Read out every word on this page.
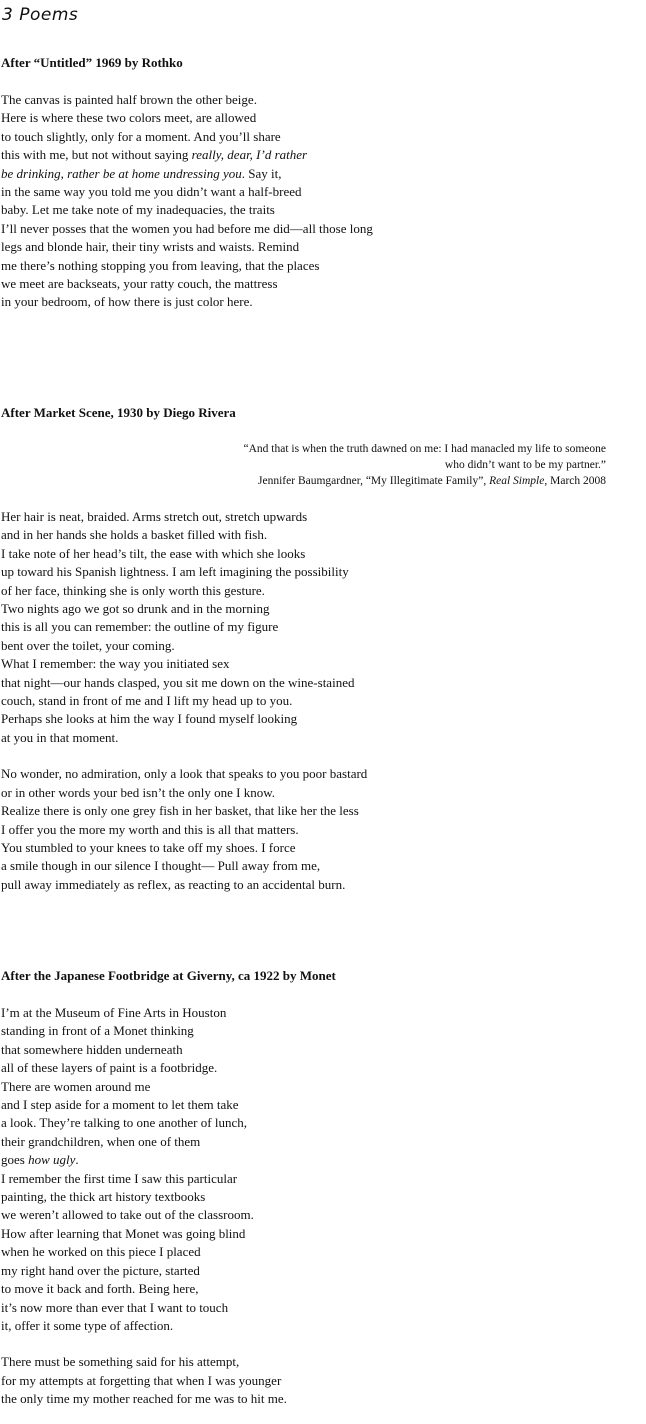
3 Poems
After “Untitled” 1969 by Rothko
The canvas is painted half brown the other beige.
Here is where these two colors meet, are allowed
to touch slightly, only for a moment. And you’ll share
this with me, but not without saying really, dear, I’d rather
be drinking, rather be at home undressing you. Say it,
in the same way you told me you didn’t want a half-breed
baby. Let me take note of my inadequacies, the traits
I’ll never posses that the women you had before me did—all those long
legs and blonde hair, their tiny wrists and waists. Remind
me there’s nothing stopping you from leaving, that the places
we meet are backseats, your ratty couch, the mattress
in your bedroom, of how there is just color here.
After Market Scene, 1930 by Diego Rivera
“And that is when the truth dawned on me: I had manacled my life to someone
who didn’t want to be my partner.”
Jennifer Baumgardner, “My Illegitimate Family”, Real Simple, March 2008
Her hair is neat, braided. Arms stretch out, stretch upwards
and in her hands she holds a basket filled with fish.
I take note of her head’s tilt, the ease with which she looks
up toward his Spanish lightness. I am left imagining the possibility
of her face, thinking she is only worth this gesture.
Two nights ago we got so drunk and in the morning
this is all you can remember: the outline of my figure
bent over the toilet, your coming.
What I remember: the way you initiated sex
that night—our hands clasped, you sit me down on the wine-stained
couch, stand in front of me and I lift my head up to you.
Perhaps she looks at him the way I found myself looking
at you in that moment.
No wonder, no admiration, only a look that speaks to you poor bastard
or in other words your bed isn’t the only one I know.
Realize there is only one grey fish in her basket, that like her the less
I offer you the more my worth and this is all that matters.
You stumbled to your knees to take off my shoes. I force
a smile though in our silence I thought— Pull away from me,
pull away immediately as reflex, as reacting to an accidental burn.
After the Japanese Footbridge at Giverny, ca 1922 by Monet
I’m at the Museum of Fine Arts in Houston
standing in front of a Monet thinking
that somewhere hidden underneath
all of these layers of paint is a footbridge.
There are women around me
and I step aside for a moment to let them take
a look. They’re talking to one another of lunch,
their grandchildren, when one of them
goes how ugly.
I remember the first time I saw this particular
painting, the thick art history textbooks
we weren’t allowed to take out of the classroom.
How after learning that Monet was going blind
when he worked on this piece I placed
my right hand over the picture, started
to move it back and forth. Being here,
it’s now more than ever that I want to touch
it, offer it some type of affection.
There must be something said for his attempt,
for my attempts at forgetting that when I was younger
the only time my mother reached for me was to hit me.
